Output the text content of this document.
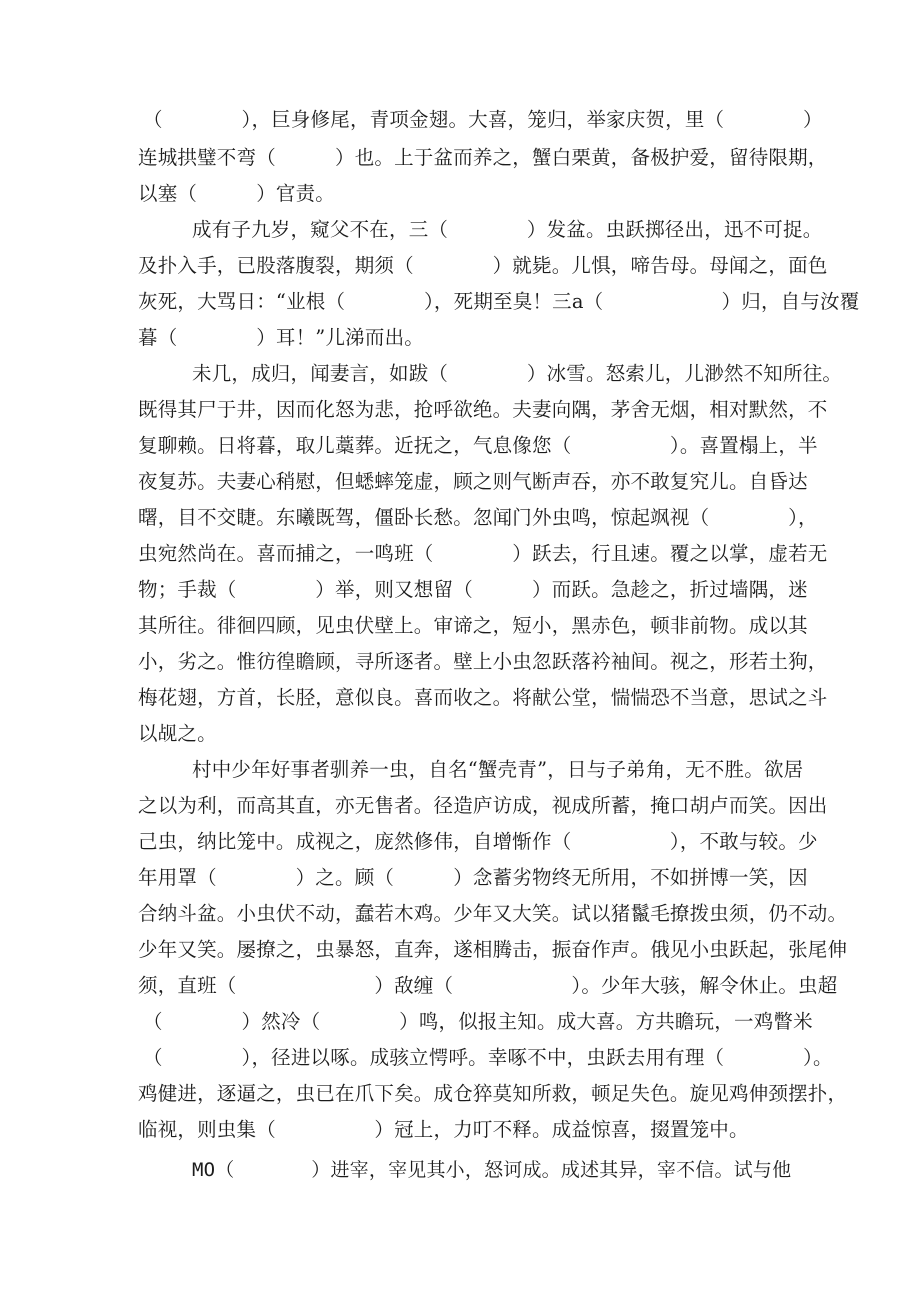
（　　　　），巨身修尾，青项金翅。大喜，笼归，举家庆贺，里（　　　　）
连城拱璧不弯（　　　）也。上于盆而养之，蟹白栗黄，备极护爱，留待限期，
以塞（　　　）官责。
成有子九岁，窥父不在，三（　　　　）发盆。虫跃掷径出，迅不可捉。
及扑入手，已股落腹裂，期须（　　　　）就毙。儿惧，啼告母。母闻之，面色
灰死，大骂日：“业根（　　　　），死期至臭！三a（　　　　　　）归，自与汝覆
暮（　　　　）耳！”儿涕而出。
未几，成归，闻妻言，如跋（　　　　）冰雪。怒索儿，儿渺然不知所往。
既得其尸于井，因而化怒为悲，抢呼欲绝。夫妻向隅，茅舍无烟，相对默然，不
复聊赖。日将暮，取儿藁葬。近抚之，气息像您（　　　　　）。喜置榻上，半
夜复苏。夫妻心稍慰，但蟋蟀笼虚，顾之则气断声吞，亦不敢复究儿。自昏达
曙，目不交睫。东曦既驾，僵卧长愁。忽闻门外虫鸣，惊起飒视（　　　　），
虫宛然尚在。喜而捕之，一鸣班（　　　　）跃去，行且速。覆之以掌，虚若无
物；手裁（　　　　）举，则又想留（　　　）而跃。急趁之，折过墙隅，迷
其所往。徘徊四顾，见虫伏壁上。审谛之，短小，黑赤色，顿非前物。成以其
小，劣之。惟彷徨瞻顾，寻所逐者。壁上小虫忽跃落衿袖间。视之，形若土狗，
梅花翅，方首，长胫，意似良。喜而收之。将献公堂，惴惴恐不当意，思试之斗
以觇之。
村中少年好事者驯养一虫，自名“蟹壳青”，日与子弟角，无不胜。欲居
之以为利，而高其直，亦无售者。径造庐访成，视成所蓄，掩口胡卢而笑。因出
己虫，纳比笼中。成视之，庞然修伟，自增惭作（　　　　　），不敢与较。少
年用罩（　　　　）之。顾（　　　）念蓄劣物终无所用，不如拼博一笑，因
合纳斗盆。小虫伏不动，蠢若木鸡。少年又大笑。试以猪鬣毛撩拨虫须，仍不动。
少年又笑。屡撩之，虫暴怒，直奔，遂相腾击，振奋作声。俄见小虫跃起，张尾伸
须，直班（　　　　　　　）敌缠（　　　　　　）。少年大骇，解令休止。虫超
（　　　　）然冷（　　　　）鸣，似报主知。成大喜。方共瞻玩，一鸡瞥米
（　　　　），径进以啄。成骇立愕呼。幸啄不中，虫跃去用有理（　　　　）。
鸡健进，逐逼之，虫已在爪下矣。成仓猝莫知所救，顿足失色。旋见鸡伸颈摆扑，
临视，则虫集（　　　　　）冠上，力叮不释。成益惊喜，掇置笼中。
MO（　　　　）进宰，宰见其小，怒诃成。成述其异，宰不信。试与他
